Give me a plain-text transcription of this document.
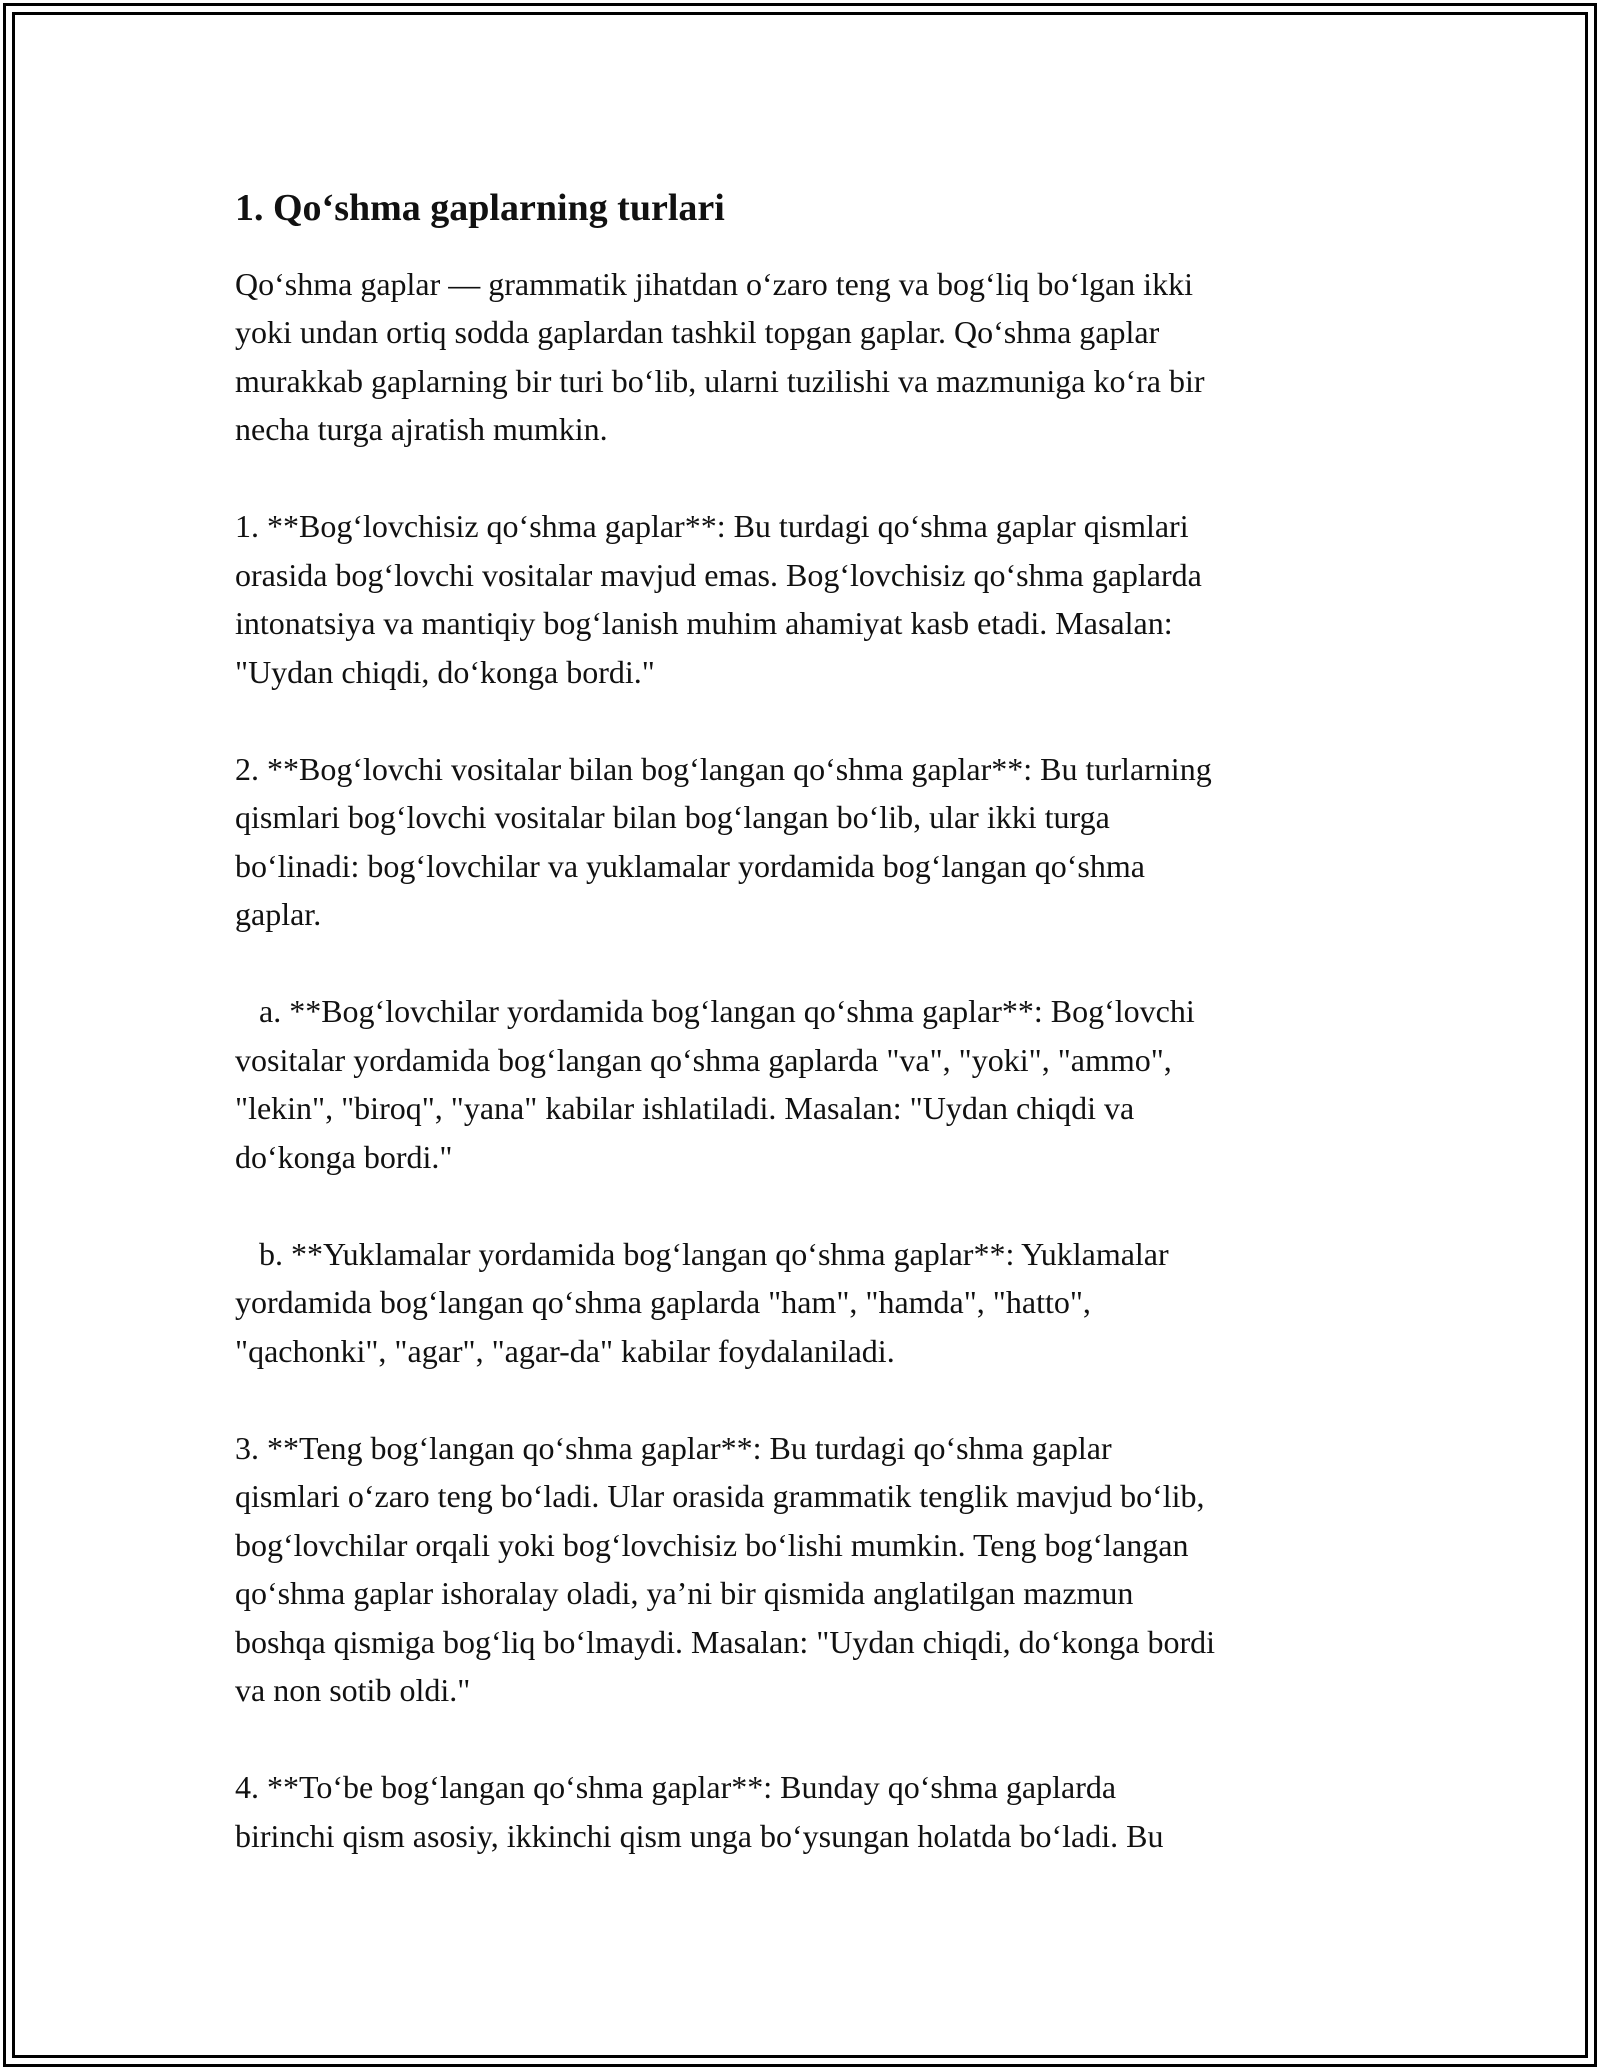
1. Qo‘shma gaplarning turlari

Qo‘shma gaplar — grammatik jihatdan o‘zaro teng va bog‘liq bo‘lgan ikki
yoki undan ortiq sodda gaplardan tashkil topgan gaplar. Qo‘shma gaplar
murakkab gaplarning bir turi bo‘lib, ularni tuzilishi va mazmuniga ko‘ra bir
necha turga ajratish mumkin.

1. **Bog‘lovchisiz qo‘shma gaplar**: Bu turdagi qo‘shma gaplar qismlari
orasida bog‘lovchi vositalar mavjud emas. Bog‘lovchisiz qo‘shma gaplarda
intonatsiya va mantiqiy bog‘lanish muhim ahamiyat kasb etadi. Masalan:
"Uydan chiqdi, do‘konga bordi."

2. **Bog‘lovchi vositalar bilan bog‘langan qo‘shma gaplar**: Bu turlarning
qismlari bog‘lovchi vositalar bilan bog‘langan bo‘lib, ular ikki turga
bo‘linadi: bog‘lovchilar va yuklamalar yordamida bog‘langan qo‘shma
gaplar.

a. **Bog‘lovchilar yordamida bog‘langan qo‘shma gaplar**: Bog‘lovchi
vositalar yordamida bog‘langan qo‘shma gaplarda "va", "yoki", "ammo",
"lekin", "biroq", "yana" kabilar ishlatiladi. Masalan: "Uydan chiqdi va
do‘konga bordi."

b. **Yuklamalar yordamida bog‘langan qo‘shma gaplar**: Yuklamalar
yordamida bog‘langan qo‘shma gaplarda "ham", "hamda", "hatto",
"qachonki", "agar", "agar-da" kabilar foydalaniladi.

3. **Teng bog‘langan qo‘shma gaplar**: Bu turdagi qo‘shma gaplar
qismlari o‘zaro teng bo‘ladi. Ular orasida grammatik tenglik mavjud bo‘lib,
bog‘lovchilar orqali yoki bog‘lovchisiz bo‘lishi mumkin. Teng bog‘langan
qo‘shma gaplar ishoralay oladi, ya’ni bir qismida anglatilgan mazmun
boshqa qismiga bog‘liq bo‘lmaydi. Masalan: "Uydan chiqdi, do‘konga bordi
va non sotib oldi."

4. **To‘be bog‘langan qo‘shma gaplar**: Bunday qo‘shma gaplarda
birinchi qism asosiy, ikkinchi qism unga bo‘ysungan holatda bo‘ladi. Bu
